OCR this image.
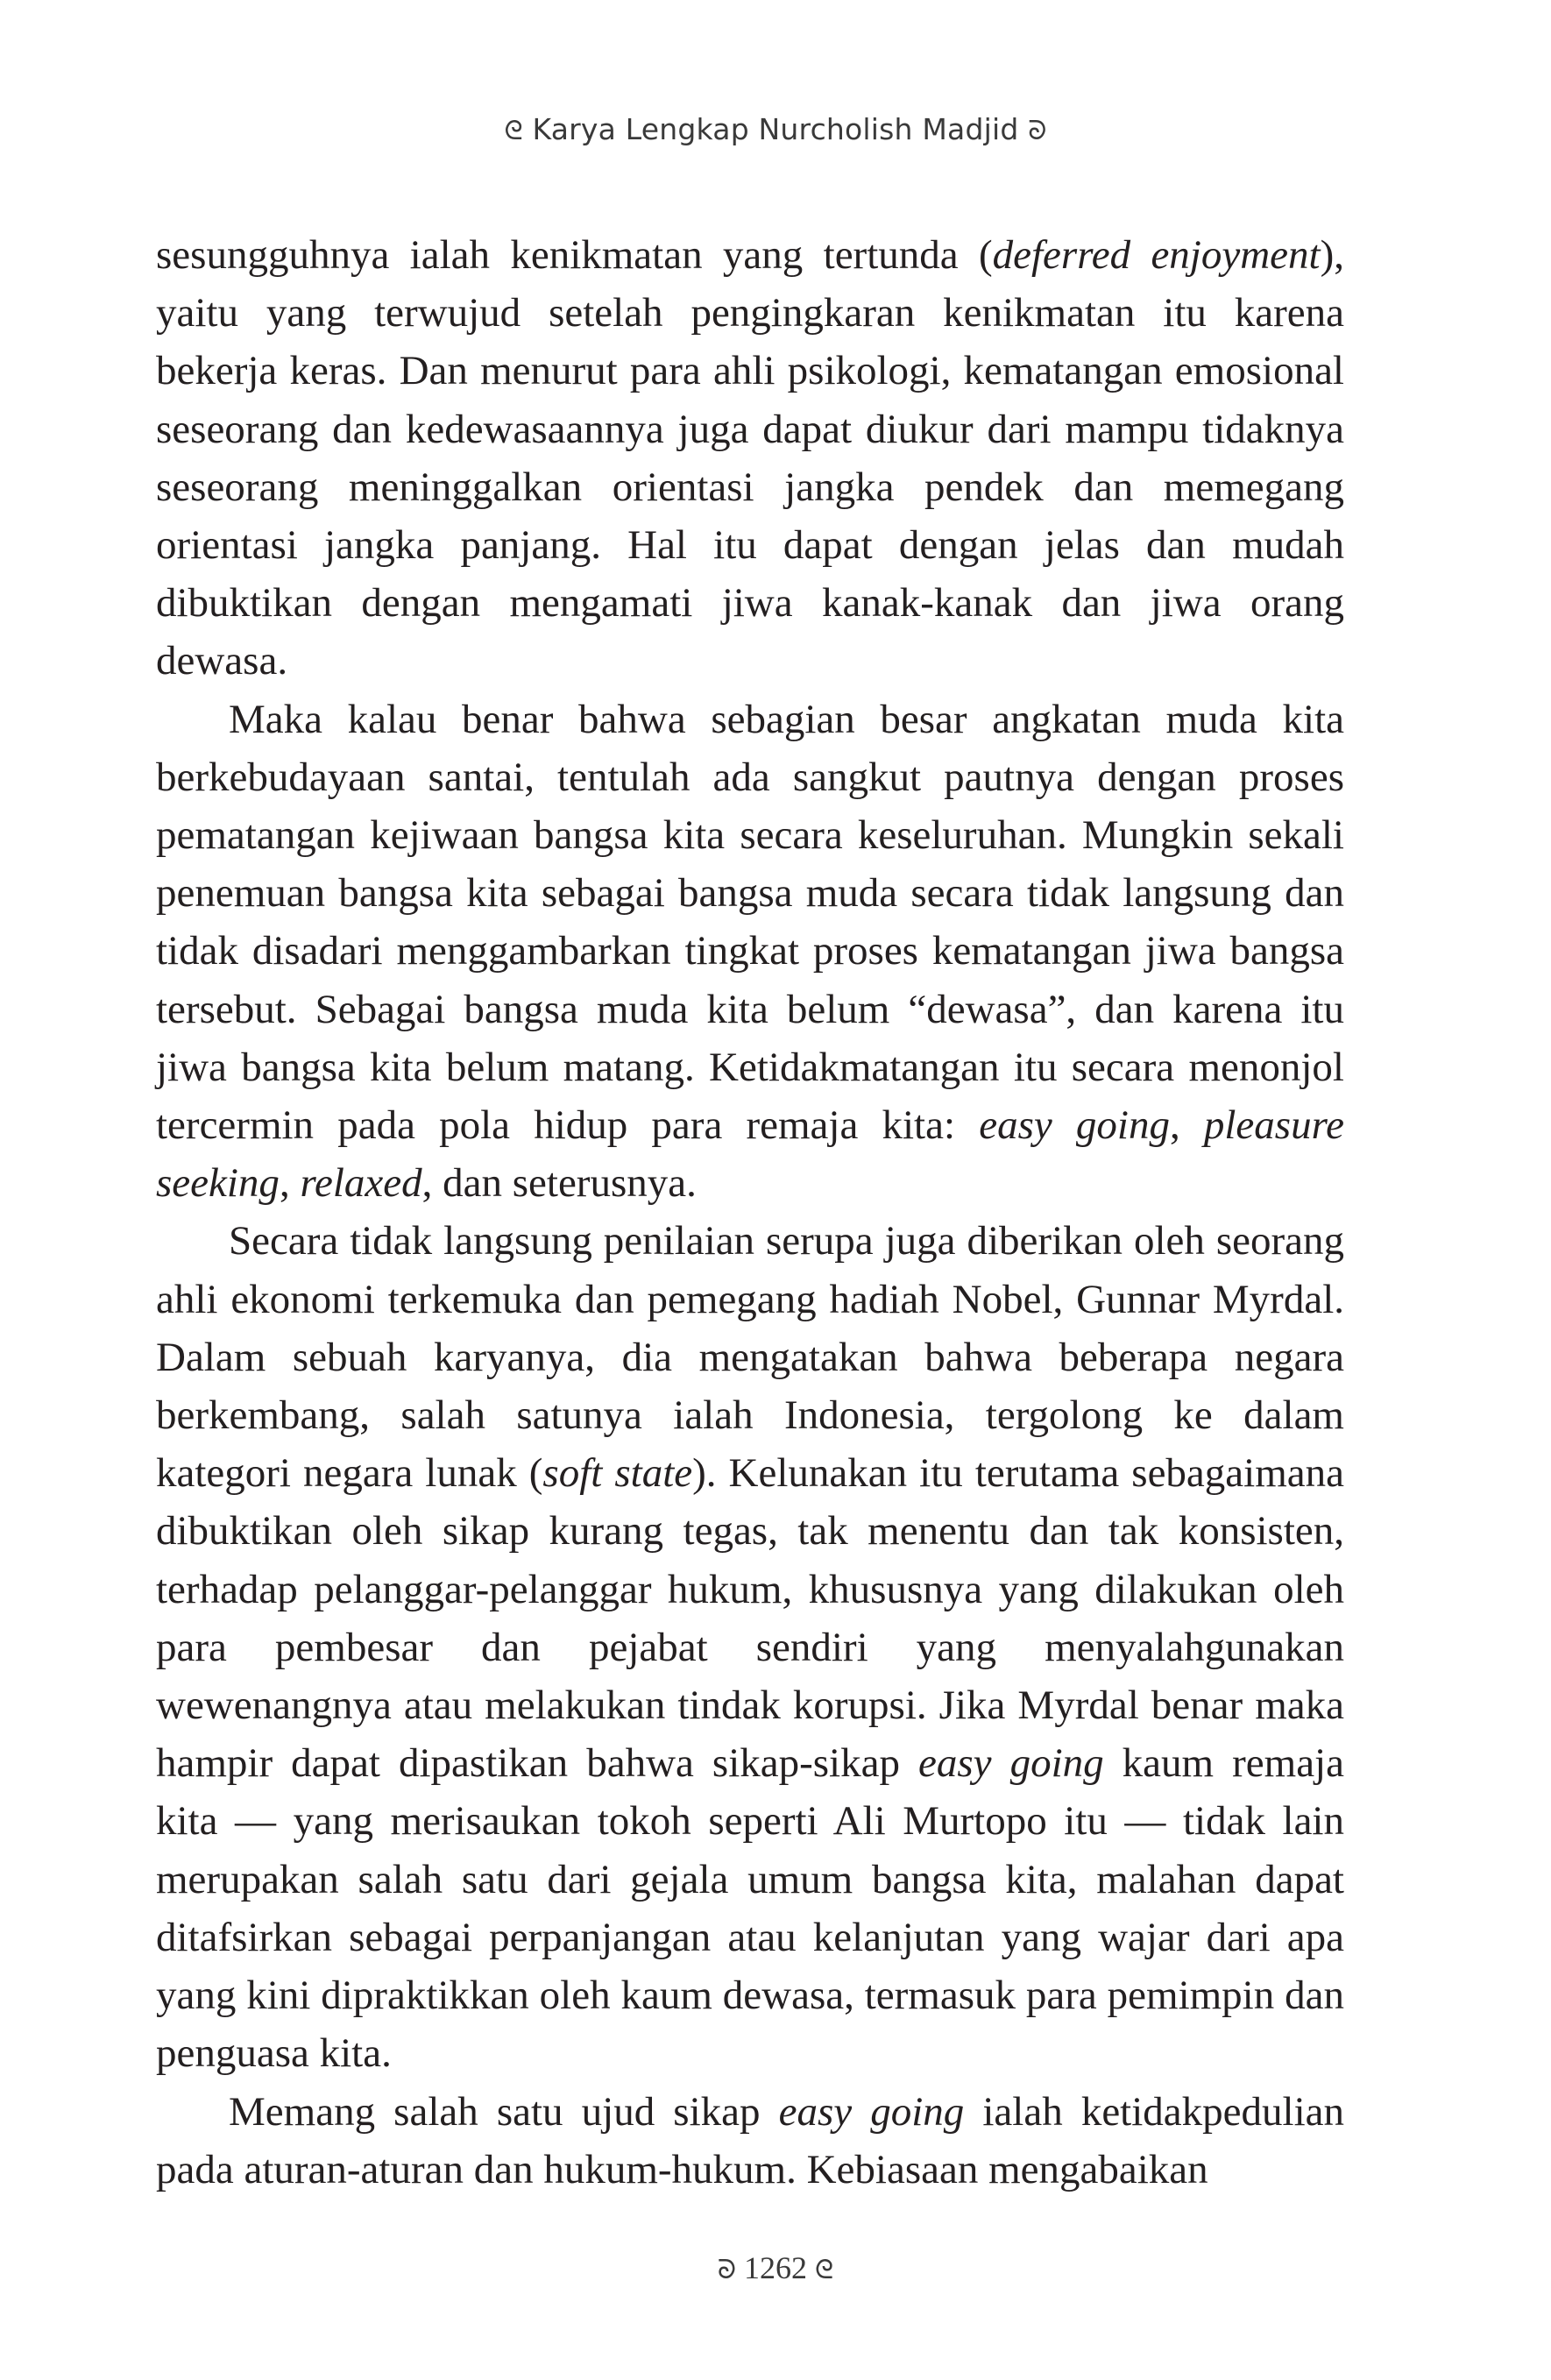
ᘓ Karya Lengkap Nurcholish Madjid ᘐ

sesungguhnya ialah kenikmatan yang tertunda (deferred enjoyment), yaitu yang terwujud setelah pengingkaran kenikmatan itu karena bekerja keras. Dan menurut para ahli psikologi, kematangan emosional seseorang dan kedewasaannya juga dapat diukur dari mampu tidaknya seseorang meninggalkan orientasi jangka pendek dan memegang orientasi jangka panjang. Hal itu dapat dengan jelas dan mudah dibuktikan dengan mengamati jiwa kanak-kanak dan jiwa orang dewasa.

Maka kalau benar bahwa sebagian besar angkatan muda kita berkebudayaan santai, tentulah ada sangkut pautnya dengan proses pematangan kejiwaan bangsa kita secara keseluruhan. Mungkin sekali penemuan bangsa kita sebagai bangsa muda secara tidak langsung dan tidak disadari menggambarkan tingkat proses kematangan jiwa bangsa tersebut. Sebagai bangsa muda kita belum “dewasa”, dan karena itu jiwa bangsa kita belum matang. Ketidakmatangan itu secara menonjol tercermin pada pola hidup para remaja kita: easy going, pleasure seeking, relaxed, dan seterusnya.

Secara tidak langsung penilaian serupa juga diberikan oleh seorang ahli ekonomi terkemuka dan pemegang hadiah Nobel, Gunnar Myrdal. Dalam sebuah karyanya, dia mengatakan bahwa beberapa negara berkembang, salah satunya ialah Indonesia, tergolong ke dalam kategori negara lunak (soft state). Kelunakan itu terutama sebagaimana dibuktikan oleh sikap kurang tegas, tak menentu dan tak konsisten, terhadap pelanggar-pelanggar hukum, khususnya yang dilakukan oleh para pembesar dan pejabat sendiri yang menyalahgunakan wewenangnya atau melakukan tindak korupsi. Jika Myrdal benar maka hampir dapat dipastikan bahwa sikap-sikap easy going kaum remaja kita — yang merisaukan tokoh seperti Ali Murtopo itu — tidak lain merupakan salah satu dari gejala umum bangsa kita, malahan dapat ditafsirkan sebagai perpanjangan atau kelanjutan yang wajar dari apa yang kini dipraktikkan oleh kaum dewasa, termasuk para pemimpin dan penguasa kita.

Memang salah satu ujud sikap easy going ialah ketidakpedulian pada aturan-aturan dan hukum-hukum. Kebiasaan mengabaikan

ᘐ 1262 ᘓ
